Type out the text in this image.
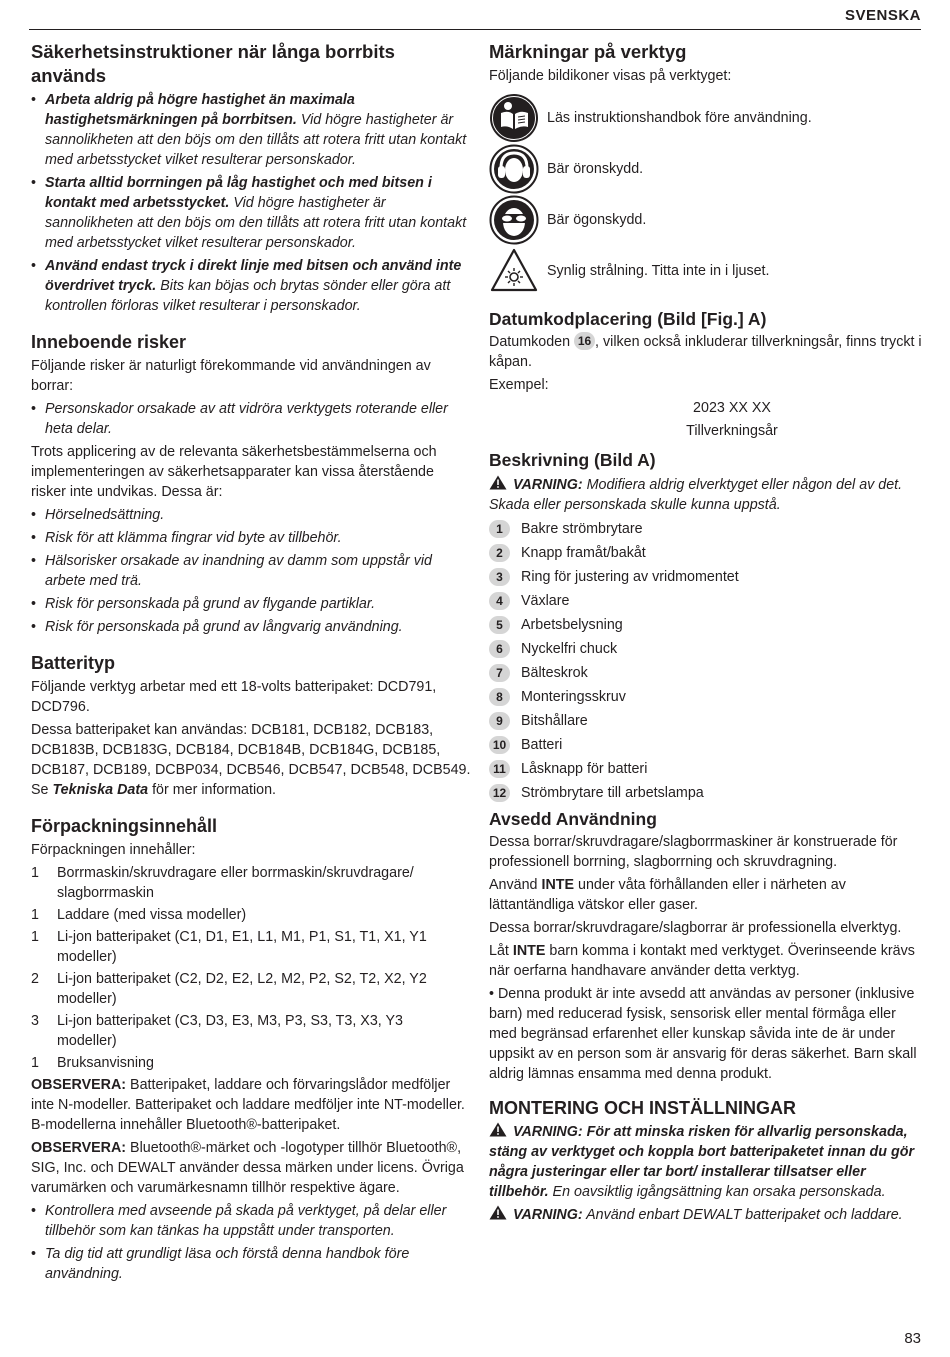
SVENSKA
Säkerhetsinstruktioner när långa borrbits används
• Arbeta aldrig på högre hastighet än maximala hastighetsmärkningen på borrbitsen. Vid högre hastigheter är sannolikheten att den böjs om den tillåts att rotera fritt utan kontakt med arbetsstycket vilket resulterar personskador.
• Starta alltid borrningen på låg hastighet och med bitsen i kontakt med arbetsstycket. Vid högre hastigheter är sannolikheten att den böjs om den tillåts att rotera fritt utan kontakt med arbetsstycket vilket resulterar personskador.
• Använd endast tryck i direkt linje med bitsen och använd inte överdrivet tryck. Bits kan böjas och brytas sönder eller göra att kontrollen förloras vilket resulterar i personskador.
Inneboende risker

Följande risker är naturligt förekommande vid användningen av borrar:

• Personskador orsakade av att vidröra verktygets roterande eller heta delar.

Trots applicering av de relevanta säkerhetsbestämmelserna och implementeringen av säkerhetsapparater kan vissa återstående risker inte undvikas. Dessa är:

• Hörselnedsättning.
• Risk för att klämma fingrar vid byte av tillbehör.
• Hälsorisker orsakade av inandning av damm som uppstår vid arbete med trä.
• Risk för personskada på grund av flygande partiklar.
• Risk för personskada på grund av långvarig användning.
Batterityp

Följande verktyg arbetar med ett 18-volts batteripaket: DCD791, DCD796.

Dessa batteripaket kan användas: DCB181, DCB182, DCB183, DCB183B, DCB183G, DCB184, DCB184B, DCB184G, DCB185, DCB187, DCB189, DCBP034, DCB546, DCB547, DCB548, DCB549.

Se Tekniska Data för mer information.

Förpackningsinnehåll

Förpackningen innehåller:

1	Borrmaskin/skruvdragare eller borrmaskin/skruvdragare/ slagborrmaskin
1	Laddare (med vissa modeller)
1	Li-jon batteripaket (C1, D1, E1, L1, M1, P1, S1, T1, X1, Y1 modeller)
2	Li-jon batteripaket (C2, D2, E2, L2, M2, P2, S2, T2, X2, Y2 modeller)
3	Li-jon batteripaket (C3, D3, E3, M3, P3, S3, T3, X3, Y3 modeller)
1	Bruksanvisning

OBSERVERA: Batteripaket, laddare och förvaringslådor medföljer inte N-modeller. Batteripaket och laddare medföljer inte NT-modeller. B-modellerna innehåller Bluetooth®-batteripaket.

OBSERVERA: Bluetooth®-märket och -logotyper tillhör Bluetooth®, SIG, Inc. och DEWALT använder dessa märken under licens. Övriga varumärken och varumärkesnamn tillhör respektive ägare.

• Kontrollera med avseende på skada på verktyget, på delar eller tillbehör som kan tänkas ha uppstått under transporten.
• Ta dig tid att grundligt läsa och förstå denna handbok före användning.
Märkningar på verktyg

Följande bildikoner visas på verktyget:

Läs instruktionshandbok före användning.
Bär öronskydd.
Bär ögonskydd.
Synlig strålning. Titta inte in i ljuset.
Datumkodplacering (Bild [Fig.] A)

Datumkoden 16 , vilken också inkluderar tillverkningsår, finns tryckt i kåpan.

Exempel:

2023 XX XX

Tillverkningsår

Beskrivning (Bild A)

VARNING: Modifiera aldrig elverktyget eller någon del av det. Skada eller personskada skulle kunna uppstå.

1	Bakre strömbrytare
2	Knapp framåt/bakåt
3	Ring för justering av vridmomentet
4	Växlare
5	Arbetsbelysning
6	Nyckelfri chuck
7	Bälteskrok
8	Monteringsskruv
9	Bitshållare
10 Batteri
11 Låsknapp för batteri
12 Strömbrytare till arbetslampa
Avsedd Användning

Dessa borrar/skruvdragare/slagborrmaskiner är konstruerade för professionell borrning, slagborrning och skruvdragning.

Använd INTE under våta förhållanden eller i närheten av lättantändliga vätskor eller gaser.

Dessa borrar/skruvdragare/slagborrar är professionella elverktyg.

Låt INTE barn komma i kontakt med verktyget. Överinseende krävs när oerfarna handhavare använder detta verktyg.

• Denna produkt är inte avsedd att användas av personer (inklusive barn) med reducerad fysisk, sensorisk eller mental förmåga eller med begränsad erfarenhet eller kunskap såvida inte de är under uppsikt av en person som är ansvarig för deras säkerhet. Barn skall aldrig lämnas ensamma med denna produkt.

MONTERING OCH INSTÄLLNINGAR

VARNING: För att minska risken för allvarlig personskada, stäng av verktyget och koppla bort batteripaketet innan du gör några justeringar eller tar bort/ installerar tillsatser eller tillbehör. En oavsiktlig igångsättning kan orsaka personskada.

VARNING: Använd enbart DEWALT batteripaket och laddare.

83
